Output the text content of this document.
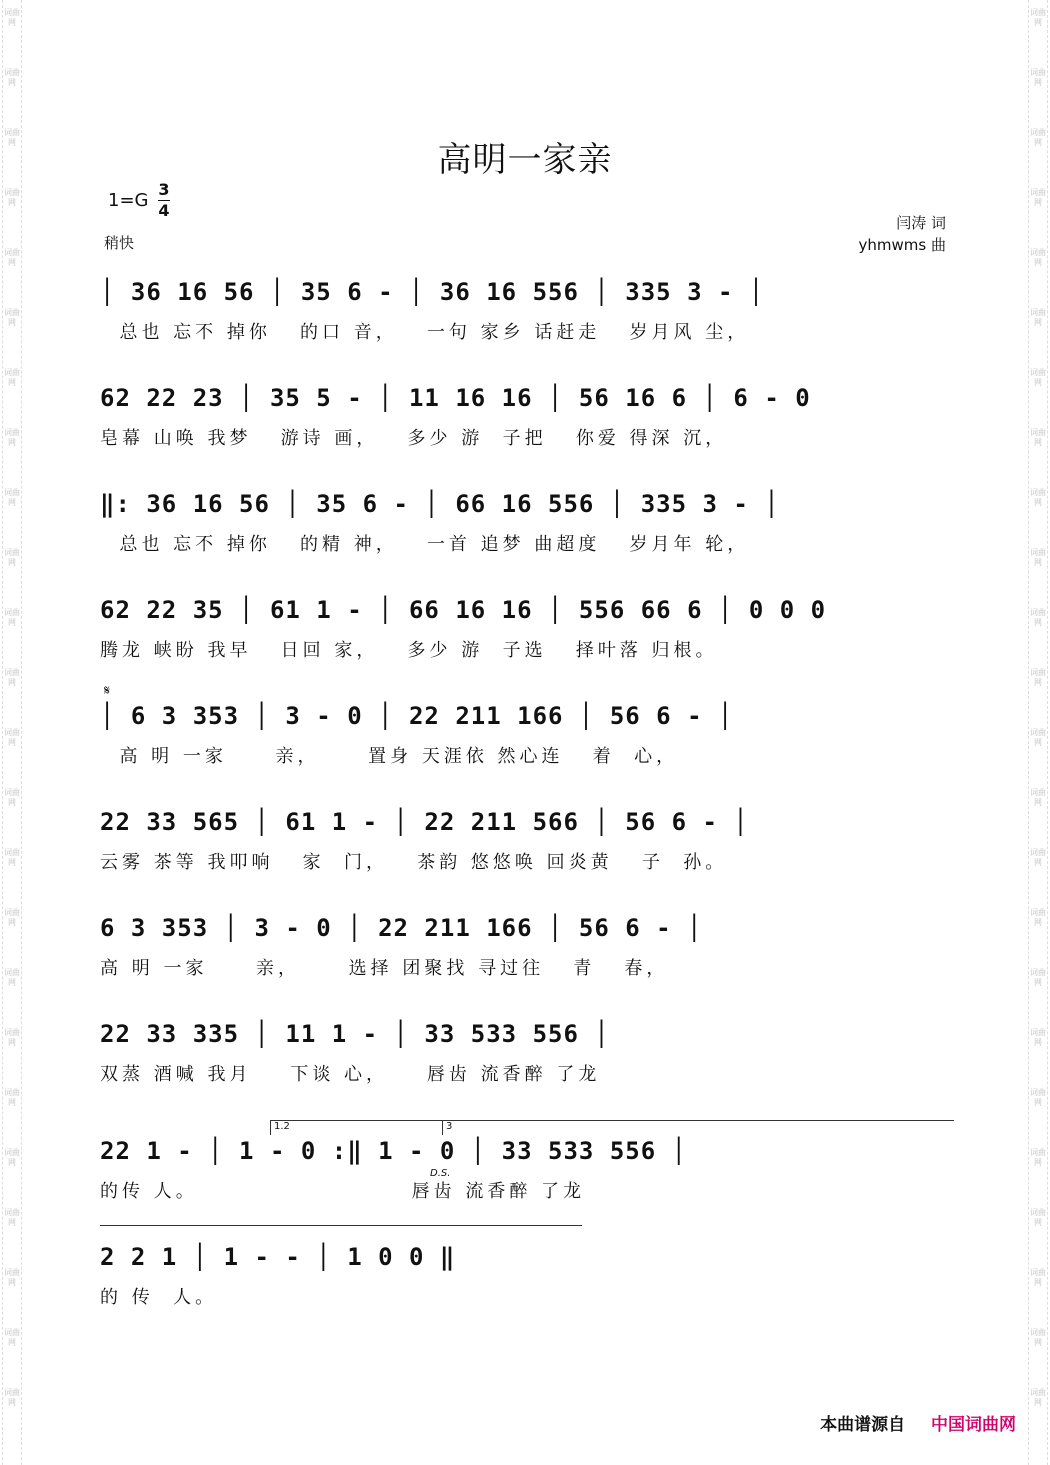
词曲网
词曲网
词曲网
词曲网
词曲网
词曲网
词曲网
词曲网
词曲网
词曲网
词曲网
词曲网
词曲网
词曲网
词曲网
词曲网
词曲网
词曲网
词曲网
词曲网
词曲网
词曲网
词曲网
词曲网
词曲网
词曲网
词曲网
词曲网
词曲网
词曲网
词曲网
词曲网
词曲网
词曲网
词曲网
词曲网
词曲网
词曲网
词曲网
词曲网
词曲网
词曲网
词曲网
词曲网
词曲网
词曲网
词曲网
词曲网
高明一家亲
1=G
3
4
稍快
闫涛 词
yhmwms 曲
𝄋
1.2	3
D.S.
│ 36 16 56 │ 35 6 - │ 36 16 556 │ 335 3 - │
总也 忘不 掉你   的口 音，   一句 家乡 话赶走   岁月风 尘，
62 22 23 │ 35 5 - │ 11 16 16 │ 56 16 6 │ 6 - 0
皂幕 山唤 我梦   游诗 画，   多少 游  子把   你爱 得深 沉，
‖: 36 16 56 │ 35 6 - │ 66 16 556 │ 335 3 - │
总也 忘不 掉你   的精 神，   一首 追梦 曲超度   岁月年 轮，
62 22 35 │ 61 1 - │ 66 16 16 │ 556 66 6 │ 0 0 0
腾龙 峡盼 我早   日回 家，   多少 游  子选   择叶落 归根。
│ 6 3 353 │ 3 - 0 │ 22 211 166 │ 56 6 - │
高 明 一家     亲，     置身 天涯依 然心连   着  心，
22 33 565 │ 61 1 - │ 22 211 566 │ 56 6 - │
云雾 茶等 我叩响   家  门，   茶韵 悠悠唤 回炎黄   子  孙。
6 3 353 │ 3 - 0 │ 22 211 166 │ 56 6 - │
高 明 一家     亲，     选择 团聚找 寻过往   青   春，
22 33 335 │ 11 1 - │ 33 533 556 │
双蒸 酒喊 我月    下谈 心，    唇齿 流香醉 了龙
22 1 - │ 1 - 0 :‖ 1 - 0 │ 33 533 556 │
的传 人。                      唇齿 流香醉 了龙
2 2 1 │ 1 - - │ 1 0 0 ‖
的 传  人。
本曲谱源自 中国词曲网
